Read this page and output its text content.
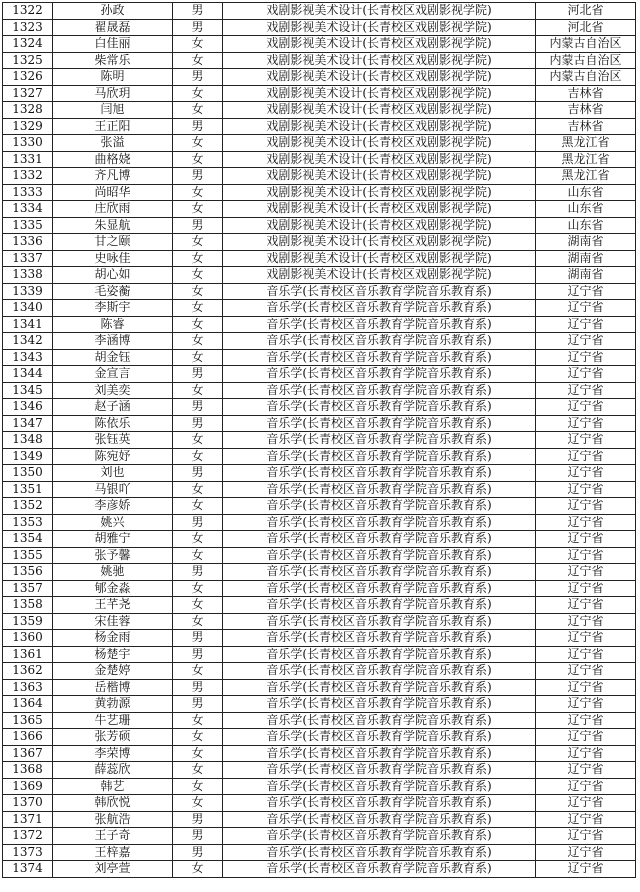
1322	孙政	男	戏剧影视美术设计(长青校区戏剧影视学院)	河北省
1323	翟晟磊	男	戏剧影视美术设计(长青校区戏剧影视学院)	河北省
1324	白佳丽	女	戏剧影视美术设计(长青校区戏剧影视学院)	内蒙古自治区
1325	柴常乐	女	戏剧影视美术设计(长青校区戏剧影视学院)	内蒙古自治区
1326	陈明	男	戏剧影视美术设计(长青校区戏剧影视学院)	内蒙古自治区
1327	马欣玥	女	戏剧影视美术设计(长青校区戏剧影视学院)	吉林省
1328	闫旭	女	戏剧影视美术设计(长青校区戏剧影视学院)	吉林省
1329	王正阳	男	戏剧影视美术设计(长青校区戏剧影视学院)	吉林省
1330	张溢	女	戏剧影视美术设计(长青校区戏剧影视学院)	黑龙江省
1331	曲格娆	女	戏剧影视美术设计(长青校区戏剧影视学院)	黑龙江省
1332	齐凡博	男	戏剧影视美术设计(长青校区戏剧影视学院)	黑龙江省
1333	尚昭华	女	戏剧影视美术设计(长青校区戏剧影视学院)	山东省
1334	庄欣雨	女	戏剧影视美术设计(长青校区戏剧影视学院)	山东省
1335	朱显航	男	戏剧影视美术设计(长青校区戏剧影视学院)	山东省
1336	甘之颐	女	戏剧影视美术设计(长青校区戏剧影视学院)	湖南省
1337	史咏佳	女	戏剧影视美术设计(长青校区戏剧影视学院)	湖南省
1338	胡心如	女	戏剧影视美术设计(长青校区戏剧影视学院)	湖南省
1339	毛姿蘅	女	音乐学(长青校区音乐教育学院音乐教育系)	辽宁省
1340	李斯宇	女	音乐学(长青校区音乐教育学院音乐教育系)	辽宁省
1341	陈睿	女	音乐学(长青校区音乐教育学院音乐教育系)	辽宁省
1342	李涵博	女	音乐学(长青校区音乐教育学院音乐教育系)	辽宁省
1343	胡金钰	女	音乐学(长青校区音乐教育学院音乐教育系)	辽宁省
1344	金宣言	男	音乐学(长青校区音乐教育学院音乐教育系)	辽宁省
1345	刘美奕	女	音乐学(长青校区音乐教育学院音乐教育系)	辽宁省
1346	赵子涵	男	音乐学(长青校区音乐教育学院音乐教育系)	辽宁省
1347	陈依乐	男	音乐学(长青校区音乐教育学院音乐教育系)	辽宁省
1348	张钰英	女	音乐学(长青校区音乐教育学院音乐教育系)	辽宁省
1349	陈宛妤	女	音乐学(长青校区音乐教育学院音乐教育系)	辽宁省
1350	刘也	男	音乐学(长青校区音乐教育学院音乐教育系)	辽宁省
1351	马银吖	女	音乐学(长青校区音乐教育学院音乐教育系)	辽宁省
1352	李彦娇	女	音乐学(长青校区音乐教育学院音乐教育系)	辽宁省
1353	姚兴	男	音乐学(长青校区音乐教育学院音乐教育系)	辽宁省
1354	胡雅宁	女	音乐学(长青校区音乐教育学院音乐教育系)	辽宁省
1355	张予馨	女	音乐学(长青校区音乐教育学院音乐教育系)	辽宁省
1356	姚驰	男	音乐学(长青校区音乐教育学院音乐教育系)	辽宁省
1357	郇金淼	女	音乐学(长青校区音乐教育学院音乐教育系)	辽宁省
1358	王芊尧	女	音乐学(长青校区音乐教育学院音乐教育系)	辽宁省
1359	宋佳蓉	女	音乐学(长青校区音乐教育学院音乐教育系)	辽宁省
1360	杨金雨	男	音乐学(长青校区音乐教育学院音乐教育系)	辽宁省
1361	杨楚宇	男	音乐学(长青校区音乐教育学院音乐教育系)	辽宁省
1362	金楚婷	女	音乐学(长青校区音乐教育学院音乐教育系)	辽宁省
1363	岳楷博	男	音乐学(长青校区音乐教育学院音乐教育系)	辽宁省
1364	黄勃源	男	音乐学(长青校区音乐教育学院音乐教育系)	辽宁省
1365	牛艺珊	女	音乐学(长青校区音乐教育学院音乐教育系)	辽宁省
1366	张芳硕	女	音乐学(长青校区音乐教育学院音乐教育系)	辽宁省
1367	李荣博	女	音乐学(长青校区音乐教育学院音乐教育系)	辽宁省
1368	薛蕊欣	女	音乐学(长青校区音乐教育学院音乐教育系)	辽宁省
1369	韩艺	女	音乐学(长青校区音乐教育学院音乐教育系)	辽宁省
1370	韩欣悦	女	音乐学(长青校区音乐教育学院音乐教育系)	辽宁省
1371	张航浩	男	音乐学(长青校区音乐教育学院音乐教育系)	辽宁省
1372	王子奇	男	音乐学(长青校区音乐教育学院音乐教育系)	辽宁省
1373	王梓嘉	男	音乐学(长青校区音乐教育学院音乐教育系)	辽宁省
1374	刘亭萱	女	音乐学(长青校区音乐教育学院音乐教育系)	辽宁省
